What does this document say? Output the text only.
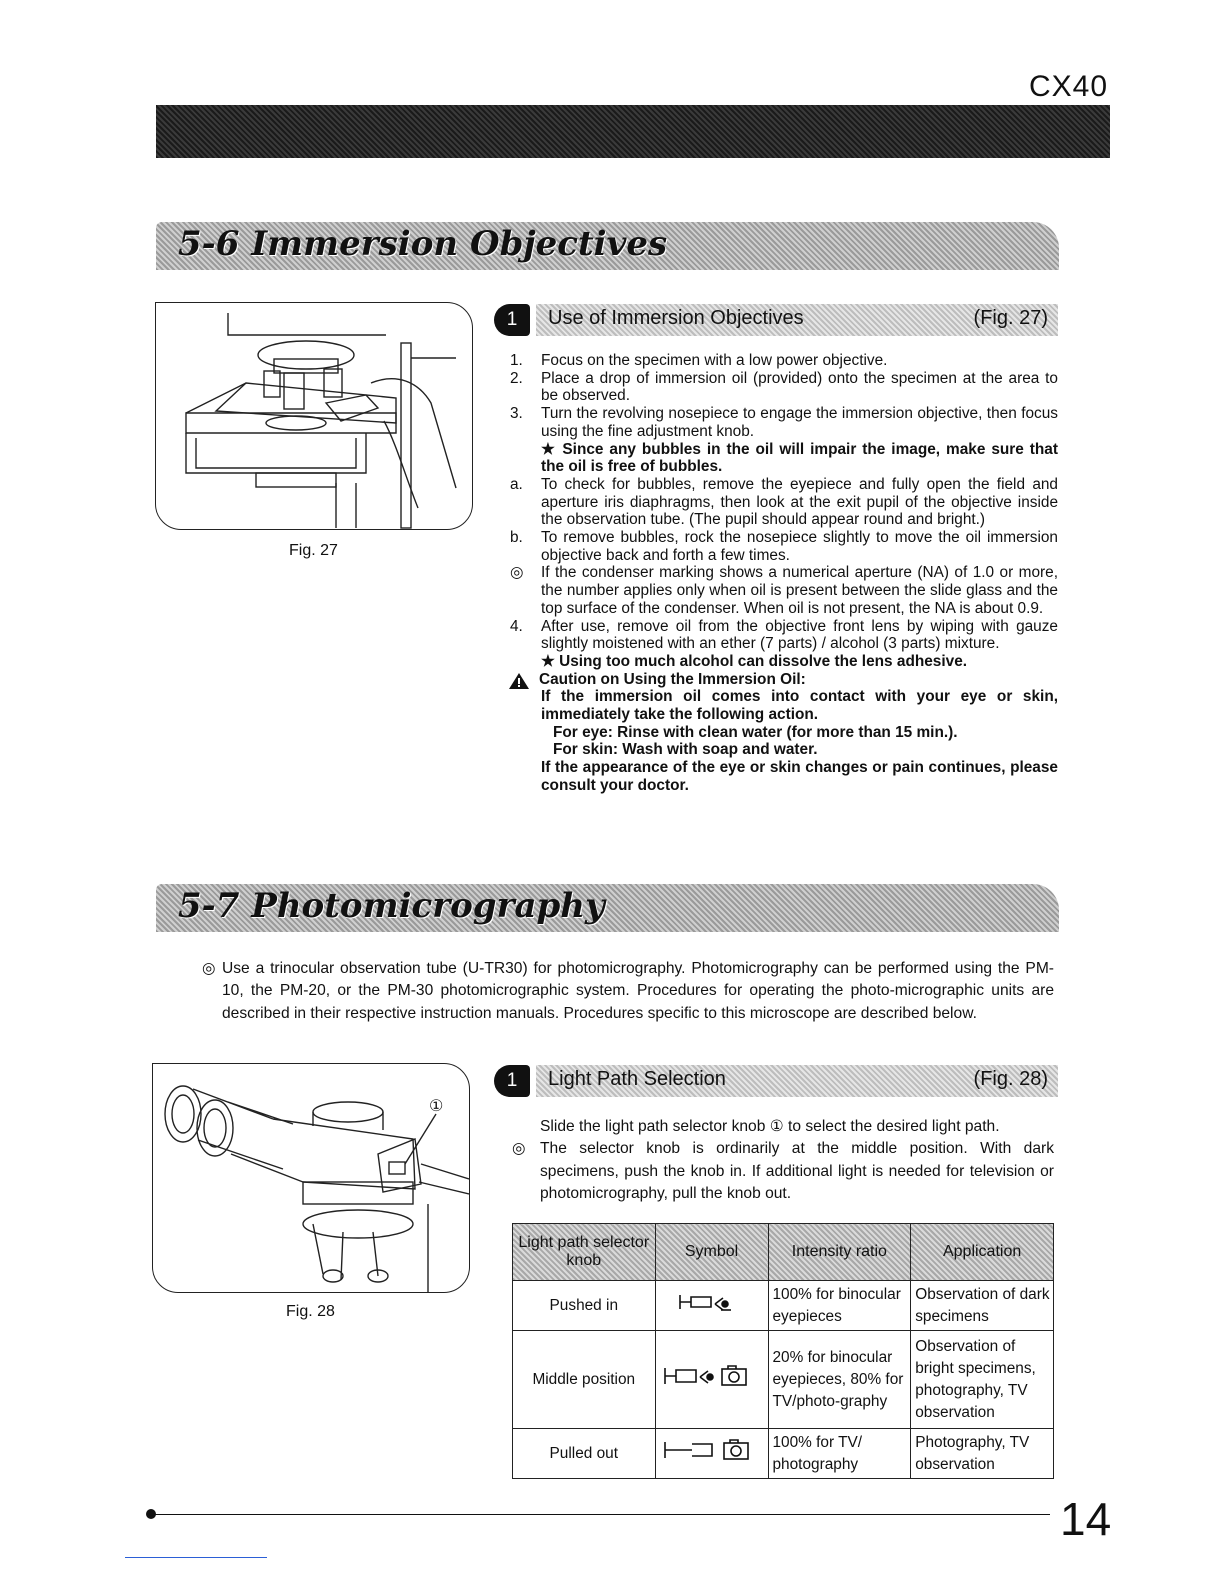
CX40
5-6 Immersion Objectives
Fig. 27
1	Use of Immersion Objectives	(Fig. 27)
1.	Focus on the specimen with a low power objective.
2.	Place a drop of immersion oil (provided) onto the specimen at the area to be observed.
3.	Turn the revolving nosepiece to engage the immersion objective, then focus using the fine adjustment knob.
★ Since any bubbles in the oil will impair the image, make sure that the oil is free of bubbles.
a.	To check for bubbles, remove the eyepiece and fully open the field and aperture iris diaphragms, then look at the exit pupil of the objective inside the observation tube. (The pupil should appear round and bright.)
b.	To remove bubbles, rock the nosepiece slightly to move the oil immersion objective back and forth a few times.
◎	If the condenser marking shows a numerical aperture (NA) of 1.0 or more, the number applies only when oil is present between the slide glass and the top surface of the condenser. When oil is not present, the NA is about 0.9.
4.	After use, remove oil from the objective front lens by wiping with gauze slightly moistened with an ether (7 parts) / alcohol (3 parts) mixture.
★ Using too much alcohol can dissolve the lens adhesive.
Caution on Using the Immersion Oil:
If the immersion oil comes into contact with your eye or skin, immediately take the following action.
For eye: Rinse with clean water (for more than 15 min.).
For skin: Wash with soap and water.
If the appearance of the eye or skin changes or pain continues, please consult your doctor.
5-7 Photomicrography
◎ Use a trinocular observation tube (U-TR30) for photomicrography. Photomicrography can be performed using the PM-10, the PM-20, or the PM-30 photomicrographic system. Procedures for operating the photo-micrographic units are described in their respective instruction manuals. Procedures specific to this microscope are described below.
①
Fig. 28
1	Light Path Selection	(Fig. 28)
Slide the light path selector knob ① to select the desired light path.
◎ The selector knob is ordinarily at the middle position. With dark specimens, push the knob in. If additional light is needed for television or photomicrography, pull the knob out.
Light path selector knob	Symbol	Intensity ratio	Application
Pushed in		100% for binocular eyepieces	Observation of dark specimens
Middle position		20% for binocular eyepieces, 80% for TV/photo-graphy	Observation of bright specimens, photography, TV observation
Pulled out		100% for TV/ photography	Photography, TV observation
14
